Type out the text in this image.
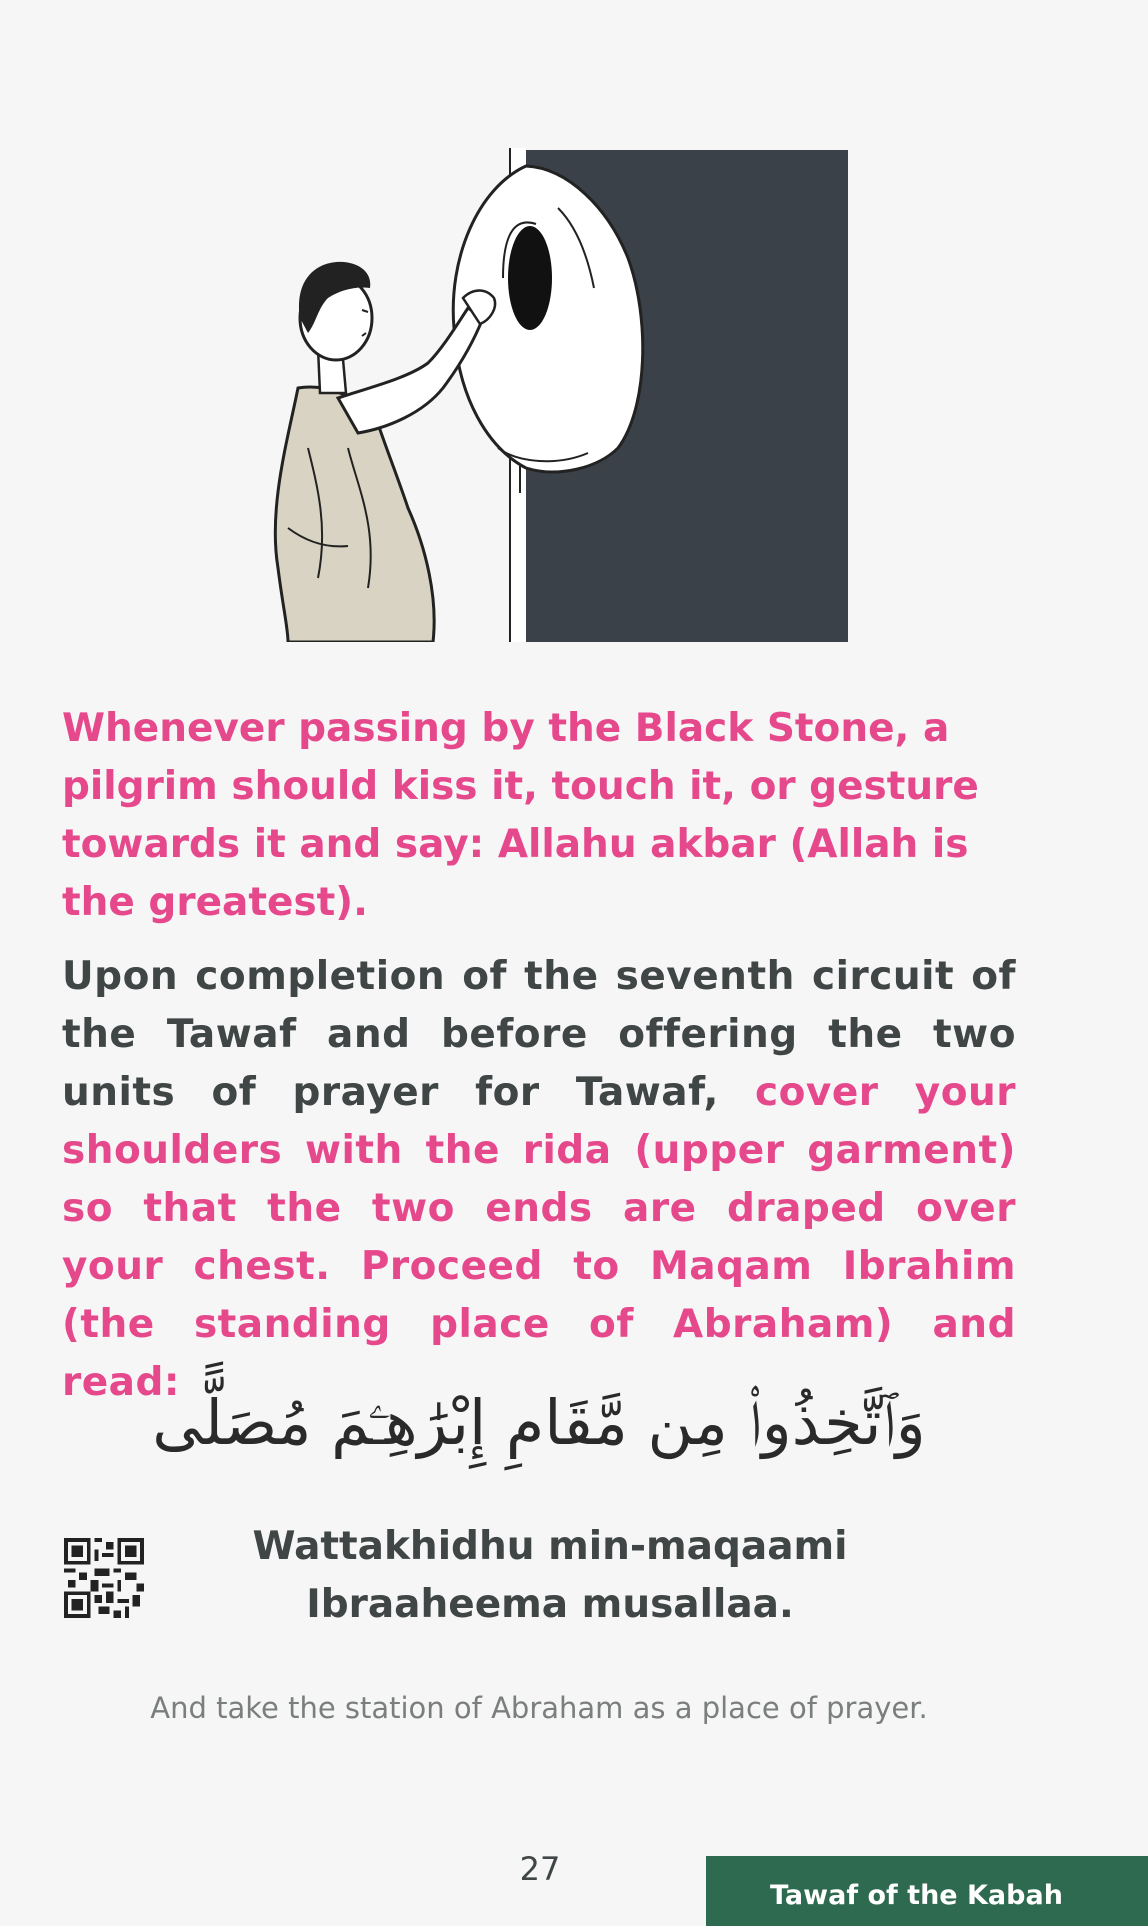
Whenever passing by the Black Stone, a pilgrim should kiss it, touch it, or gesture towards it and say: Allahu akbar (Allah is the greatest).

Upon completion of the seventh circuit of the Tawaf and before offering the two units of prayer for Tawaf, cover your shoulders with the rida (upper garment) so that the two ends are draped over your chest. Proceed to Maqam Ibrahim (the standing place of Abraham) and read:

وَٱتَّخِذُوا۟ مِن مَّقَامِ إِبْرَٰهِـۧمَ مُصَلًّى

Wattakhidhu min-maqaami
Ibraaheema musallaa.

And take the station of Abraham as a place of prayer.

27
Tawaf of the Kabah
